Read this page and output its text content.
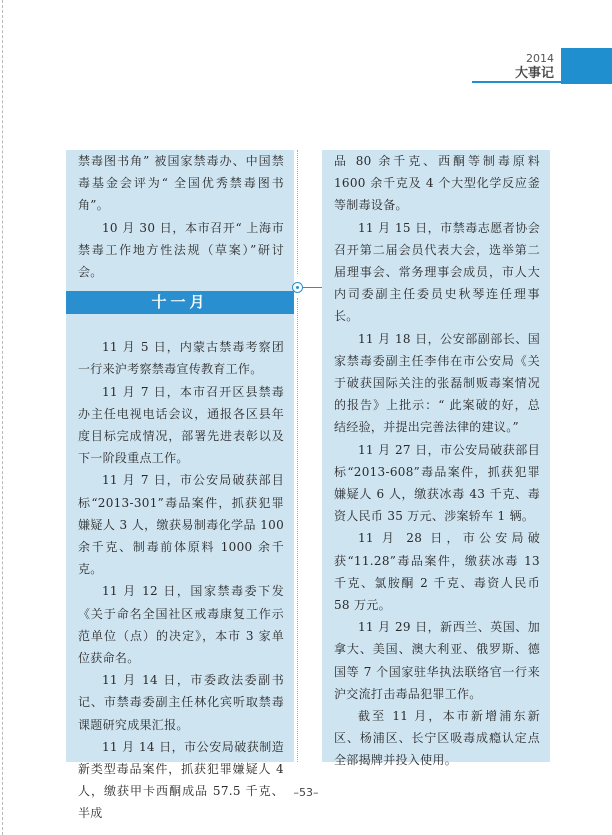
2014
大事记

禁毒图书角” 被国家禁毒办、中国禁毒基金会评为“ 全国优秀禁毒图书角”。

10 月 30 日，本市召开“ 上海市禁毒工作地方性法规（草案）”研讨会。

十一月

11 月 5 日，内蒙古禁毒考察团一行来沪考察禁毒宣传教育工作。

11 月 7 日，本市召开区县禁毒办主任电视电话会议，通报各区县年度目标完成情况，部署先进表彰以及下一阶段重点工作。

11 月 7 日，市公安局破获部目标“2013-301”毒品案件，抓获犯罪嫌疑人 3 人，缴获易制毒化学品 100 余千克、制毒前体原料 1000 余千克。

11 月 12 日，国家禁毒委下发《关于命名全国社区戒毒康复工作示范单位（点）的决定》，本市 3 家单位获命名。

11 月 14 日，市委政法委副书记、市禁毒委副主任林化宾听取禁毒课题研究成果汇报。

11 月 14 日，市公安局破获制造新类型毒品案件，抓获犯罪嫌疑人 4 人，缴获甲卡西酮成品 57.5 千克、半成

品 80 余千克、西酮等制毒原料 1600 余千克及 4 个大型化学反应釜等制毒设备。

11 月 15 日，市禁毒志愿者协会召开第二届会员代表大会，选举第二届理事会、常务理事会成员，市人大内司委副主任委员史秋琴连任理事长。

11 月 18 日，公安部副部长、国家禁毒委副主任李伟在市公安局《关于破获国际关注的张磊制贩毒案情况的报告》上批示：“ 此案破的好，总结经验，并提出完善法律的建议。”

11 月 27 日，市公安局破获部目标“2013-608”毒品案件，抓获犯罪嫌疑人 6 人，缴获冰毒 43 千克、毒资人民币 35 万元、涉案轿车 1 辆。

11 月 28 日，市公安局破获“11.28”毒品案件，缴获冰毒 13 千克、氯胺酮 2 千克、毒资人民币 58 万元。

11 月 29 日，新西兰、英国、加拿大、美国、澳大利亚、俄罗斯、德国等 7 个国家驻华执法联络官一行来沪交流打击毒品犯罪工作。

截至 11 月，本市新增浦东新区、杨浦区、长宁区吸毒成瘾认定点全部揭牌并投入使用。

–53–
